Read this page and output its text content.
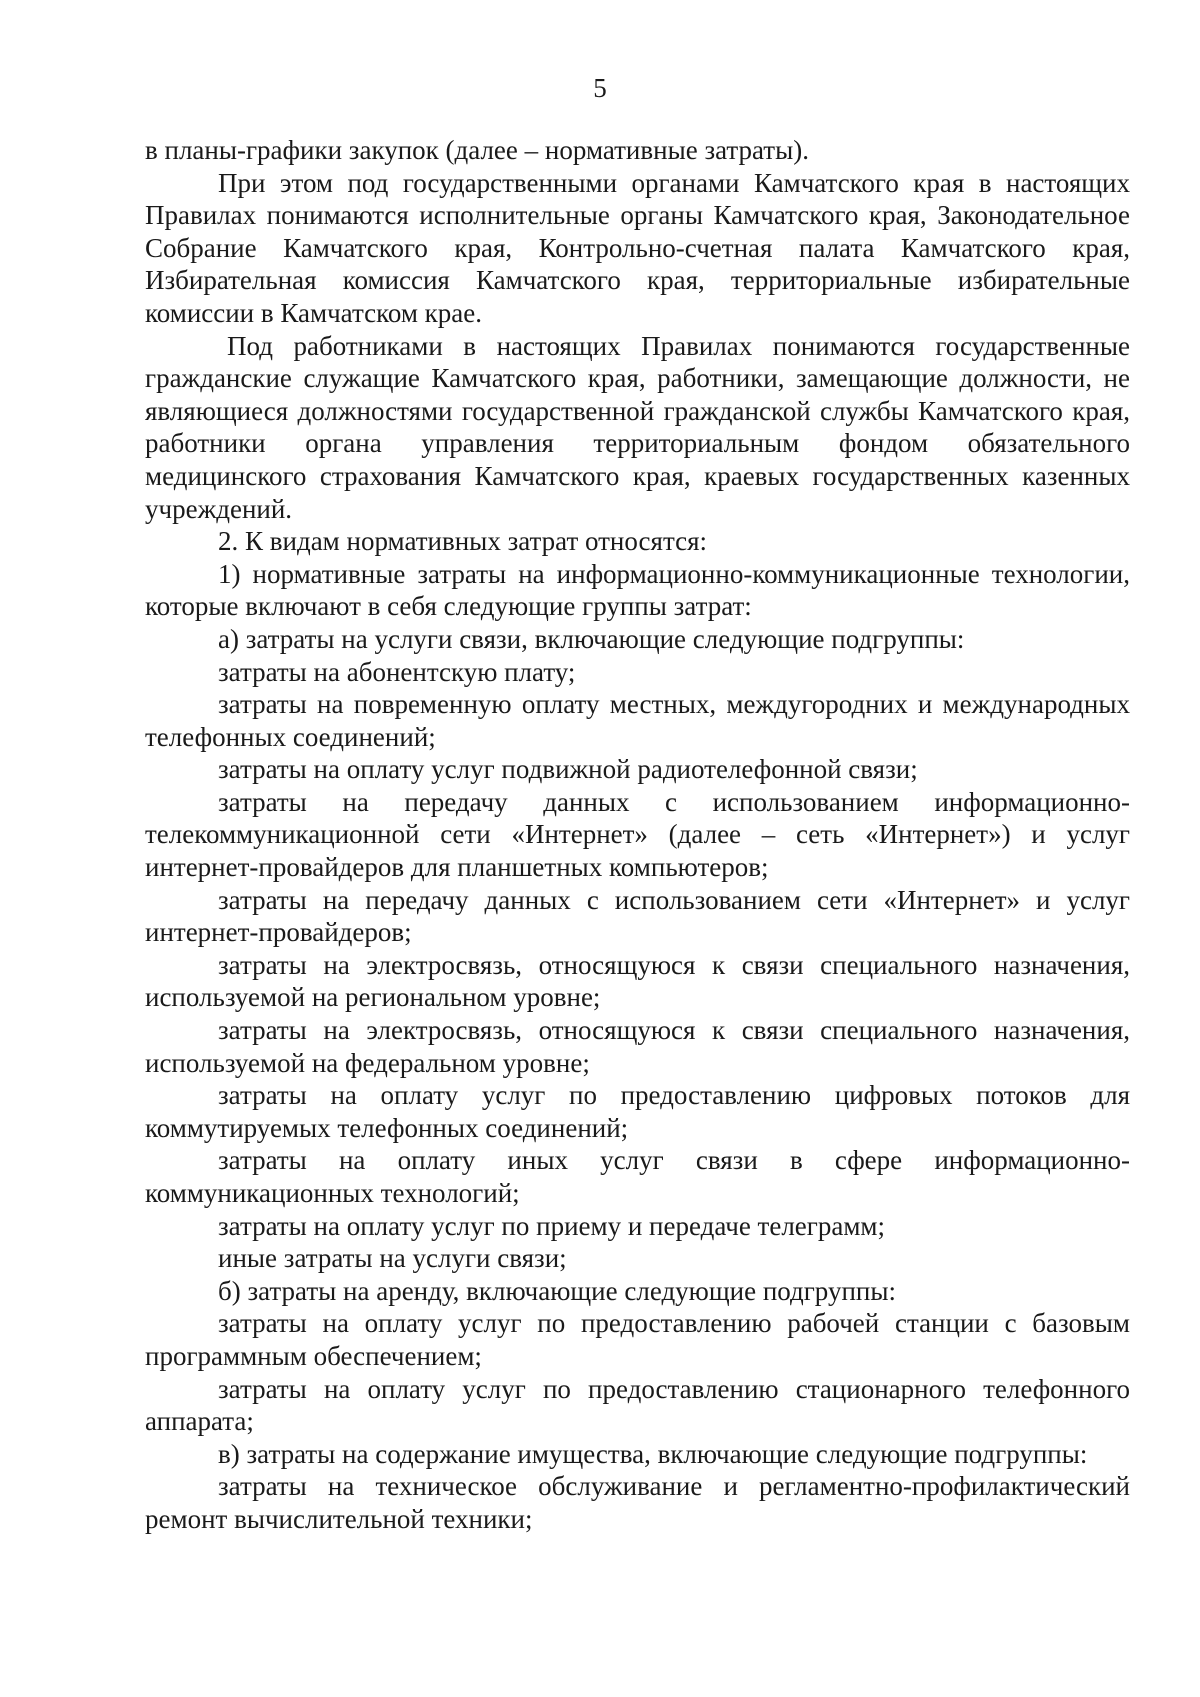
5

в планы-графики закупок (далее – нормативные затраты).

При этом под государственными органами Камчатского края в настоящих Правилах понимаются исполнительные органы Камчатского края, Законодательное Собрание Камчатского края, Контрольно-счетная палата Камчатского края, Избирательная комиссия Камчатского края, территориальные избирательные комиссии в Камчатском крае.

Под работниками в настоящих Правилах понимаются государственные гражданские служащие Камчатского края, работники, замещающие должности, не являющиеся должностями государственной гражданской службы Камчатского края, работники органа управления территориальным фондом обязательного медицинского страхования Камчатского края, краевых государственных казенных учреждений.

2. К видам нормативных затрат относятся:

1) нормативные затраты на информационно-коммуникационные технологии, которые включают в себя следующие группы затрат:

а) затраты на услуги связи, включающие следующие подгруппы:

затраты на абонентскую плату;

затраты на повременную оплату местных, междугородних и международных телефонных соединений;

затраты на оплату услуг подвижной радиотелефонной связи;

затраты на передачу данных с использованием информационно-телекоммуникационной сети «Интернет» (далее – сеть «Интернет») и услуг интернет-провайдеров для планшетных компьютеров;

затраты на передачу данных с использованием сети «Интернет» и услуг интернет-провайдеров;

затраты на электросвязь, относящуюся к связи специального назначения, используемой на региональном уровне;

затраты на электросвязь, относящуюся к связи специального назначения, используемой на федеральном уровне;

затраты на оплату услуг по предоставлению цифровых потоков для коммутируемых телефонных соединений;

затраты на оплату иных услуг связи в сфере информационно-коммуникационных технологий;

затраты на оплату услуг по приему и передаче телеграмм;

иные затраты на услуги связи;

б) затраты на аренду, включающие следующие подгруппы:

затраты на оплату услуг по предоставлению рабочей станции с базовым программным обеспечением;

затраты на оплату услуг по предоставлению стационарного телефонного аппарата;

в) затраты на содержание имущества, включающие следующие подгруппы:

затраты на техническое обслуживание и регламентно-профилактический ремонт вычислительной техники;
